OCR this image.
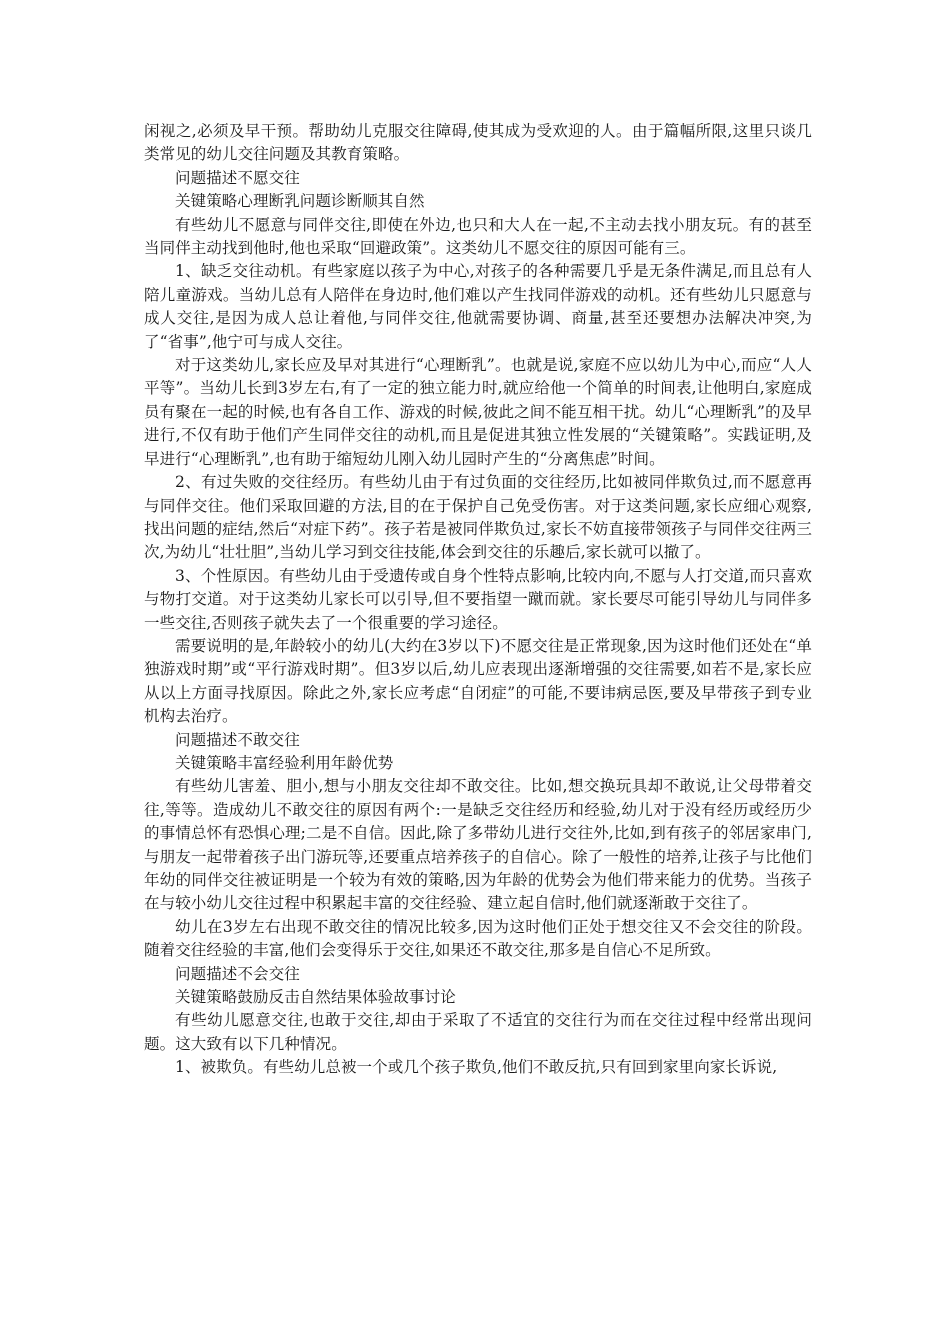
闲视之,必须及早干预。帮助幼儿克服交往障碍,使其成为受欢迎的人。由于篇幅所限,这里只谈几类常见的幼儿交往问题及其教育策略。

问题描述不愿交往

关键策略心理断乳问题诊断顺其自然

有些幼儿不愿意与同伴交往,即使在外边,也只和大人在一起,不主动去找小朋友玩。有的甚至当同伴主动找到他时,他也采取“回避政策”。这类幼儿不愿交往的原因可能有三。

1、缺乏交往动机。有些家庭以孩子为中心,对孩子的各种需要几乎是无条件满足,而且总有人陪儿童游戏。当幼儿总有人陪伴在身边时,他们难以产生找同伴游戏的动机。还有些幼儿只愿意与成人交往,是因为成人总让着他,与同伴交往,他就需要协调、商量,甚至还要想办法解决冲突,为了“省事”,他宁可与成人交往。

对于这类幼儿,家长应及早对其进行“心理断乳”。也就是说,家庭不应以幼儿为中心,而应“人人平等”。当幼儿长到3岁左右,有了一定的独立能力时,就应给他一个简单的时间表,让他明白,家庭成员有聚在一起的时候,也有各自工作、游戏的时候,彼此之间不能互相干扰。幼儿“心理断乳”的及早进行,不仅有助于他们产生同伴交往的动机,而且是促进其独立性发展的“关键策略”。实践证明,及早进行“心理断乳”,也有助于缩短幼儿刚入幼儿园时产生的“分离焦虑”时间。

2、有过失败的交往经历。有些幼儿由于有过负面的交往经历,比如被同伴欺负过,而不愿意再与同伴交往。他们采取回避的方法,目的在于保护自己免受伤害。对于这类问题,家长应细心观察,找出问题的症结,然后“对症下药”。孩子若是被同伴欺负过,家长不妨直接带领孩子与同伴交往两三次,为幼儿“壮壮胆”,当幼儿学习到交往技能,体会到交往的乐趣后,家长就可以撤了。

3、个性原因。有些幼儿由于受遗传或自身个性特点影响,比较内向,不愿与人打交道,而只喜欢与物打交道。对于这类幼儿家长可以引导,但不要指望一蹴而就。家长要尽可能引导幼儿与同伴多一些交往,否则孩子就失去了一个很重要的学习途径。

需要说明的是,年龄较小的幼儿(大约在3岁以下)不愿交往是正常现象,因为这时他们还处在“单独游戏时期”或“平行游戏时期”。但3岁以后,幼儿应表现出逐渐增强的交往需要,如若不是,家长应从以上方面寻找原因。除此之外,家长应考虑“自闭症”的可能,不要讳病忌医,要及早带孩子到专业机构去治疗。

问题描述不敢交往

关键策略丰富经验利用年龄优势

有些幼儿害羞、胆小,想与小朋友交往却不敢交往。比如,想交换玩具却不敢说,让父母带着交往,等等。造成幼儿不敢交往的原因有两个:一是缺乏交往经历和经验,幼儿对于没有经历或经历少的事情总怀有恐惧心理;二是不自信。因此,除了多带幼儿进行交往外,比如,到有孩子的邻居家串门,与朋友一起带着孩子出门游玩等,还要重点培养孩子的自信心。除了一般性的培养,让孩子与比他们年幼的同伴交往被证明是一个较为有效的策略,因为年龄的优势会为他们带来能力的优势。当孩子在与较小幼儿交往过程中积累起丰富的交往经验、建立起自信时,他们就逐渐敢于交往了。

幼儿在3岁左右出现不敢交往的情况比较多,因为这时他们正处于想交往又不会交往的阶段。随着交往经验的丰富,他们会变得乐于交往,如果还不敢交往,那多是自信心不足所致。

问题描述不会交往

关键策略鼓励反击自然结果体验故事讨论

有些幼儿愿意交往,也敢于交往,却由于采取了不适宜的交往行为而在交往过程中经常出现问题。这大致有以下几种情况。

1、被欺负。有些幼儿总被一个或几个孩子欺负,他们不敢反抗,只有回到家里向家长诉说,
